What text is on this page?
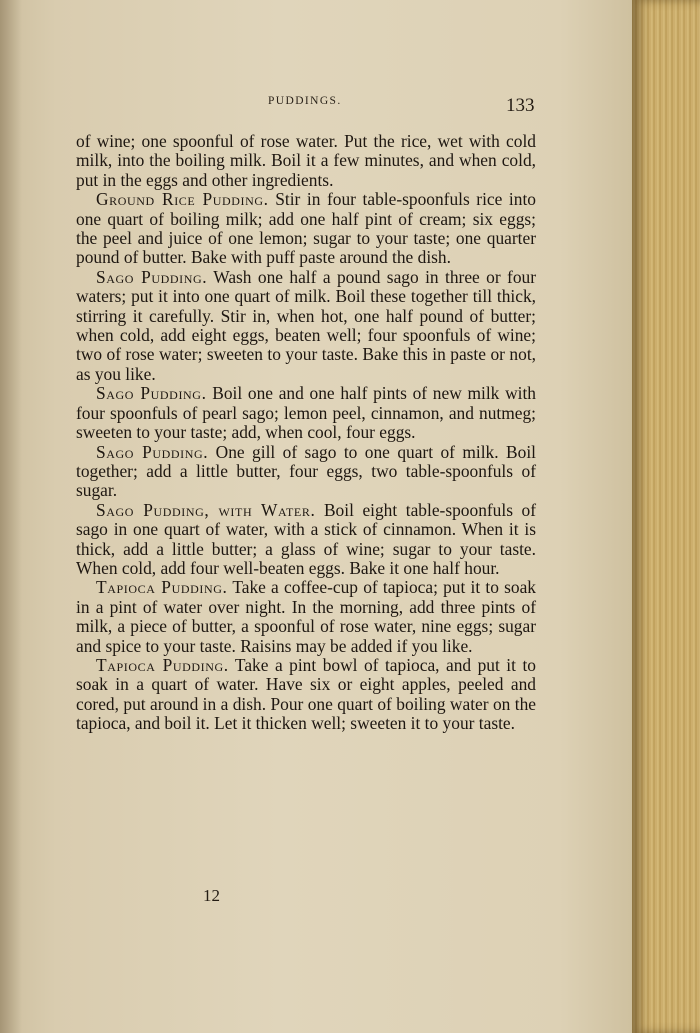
PUDDINGS.	133

of wine; one spoonful of rose water. Put the rice, wet with cold milk, into the boiling milk. Boil it a few minutes, and when cold, put in the eggs and other ingredients.

Ground Rice Pudding. Stir in four table-spoonfuls rice into one quart of boiling milk; add one half pint of cream; six eggs; the peel and juice of one lemon; sugar to your taste; one quarter pound of butter. Bake with puff paste around the dish.

Sago Pudding. Wash one half a pound sago in three or four waters; put it into one quart of milk. Boil these together till thick, stirring it carefully. Stir in, when hot, one half pound of butter; when cold, add eight eggs, beaten well; four spoonfuls of wine; two of rose water; sweeten to your taste. Bake this in paste or not, as you like.

Sago Pudding. Boil one and one half pints of new milk with four spoonfuls of pearl sago; lemon peel, cinnamon, and nutmeg; sweeten to your taste; add, when cool, four eggs.

Sago Pudding. One gill of sago to one quart of milk. Boil together; add a little butter, four eggs, two table-spoonfuls of sugar.

Sago Pudding, with Water. Boil eight table-spoonfuls of sago in one quart of water, with a stick of cinnamon. When it is thick, add a little butter; a glass of wine; sugar to your taste. When cold, add four well-beaten eggs. Bake it one half hour.

Tapioca Pudding. Take a coffee-cup of tapioca; put it to soak in a pint of water over night. In the morning, add three pints of milk, a piece of butter, a spoonful of rose water, nine eggs; sugar and spice to your taste. Raisins may be added if you like.

Tapioca Pudding. Take a pint bowl of tapioca, and put it to soak in a quart of water. Have six or eight apples, peeled and cored, put around in a dish. Pour one quart of boiling water on the tapioca, and boil it. Let it thicken well; sweeten it to your taste.

12
